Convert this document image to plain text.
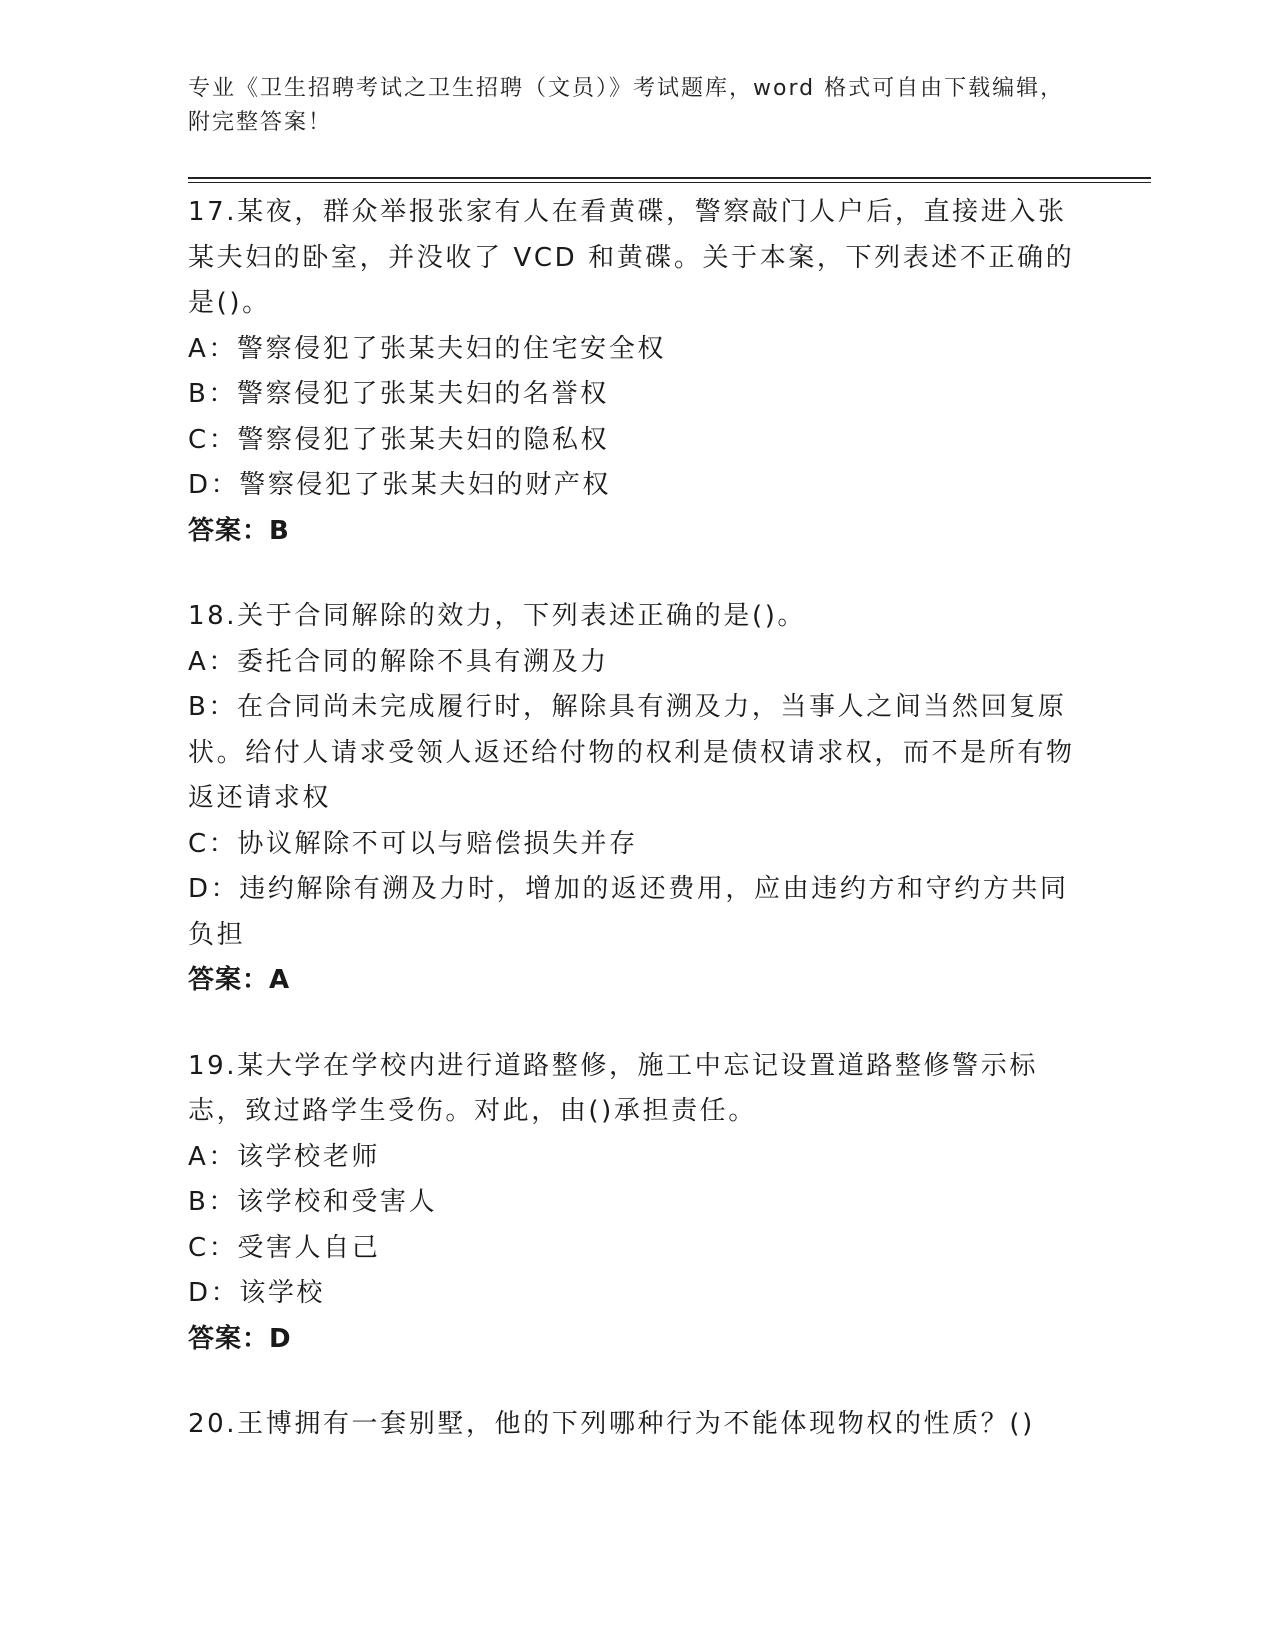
专业《卫生招聘考试之卫生招聘（文员）》考试题库，word 格式可自由下载编辑，附完整答案！

17.某夜，群众举报张家有人在看黄碟，警察敲门人户后，直接进入张某夫妇的卧室，并没收了 VCD 和黄碟。关于本案，下列表述不正确的是()。

A：警察侵犯了张某夫妇的住宅安全权

B：警察侵犯了张某夫妇的名誉权

C：警察侵犯了张某夫妇的隐私权

D：警察侵犯了张某夫妇的财产权

答案：B

18.关于合同解除的效力，下列表述正确的是()。

A：委托合同的解除不具有溯及力

B：在合同尚未完成履行时，解除具有溯及力，当事人之间当然回复原状。给付人请求受领人返还给付物的权利是债权请求权，而不是所有物返还请求权

C：协议解除不可以与赔偿损失并存

D：违约解除有溯及力时，增加的返还费用，应由违约方和守约方共同负担

答案：A

19.某大学在学校内进行道路整修，施工中忘记设置道路整修警示标志，致过路学生受伤。对此，由()承担责任。

A：该学校老师

B：该学校和受害人

C：受害人自己

D：该学校

答案：D

20.王博拥有一套别墅，他的下列哪种行为不能体现物权的性质？()
